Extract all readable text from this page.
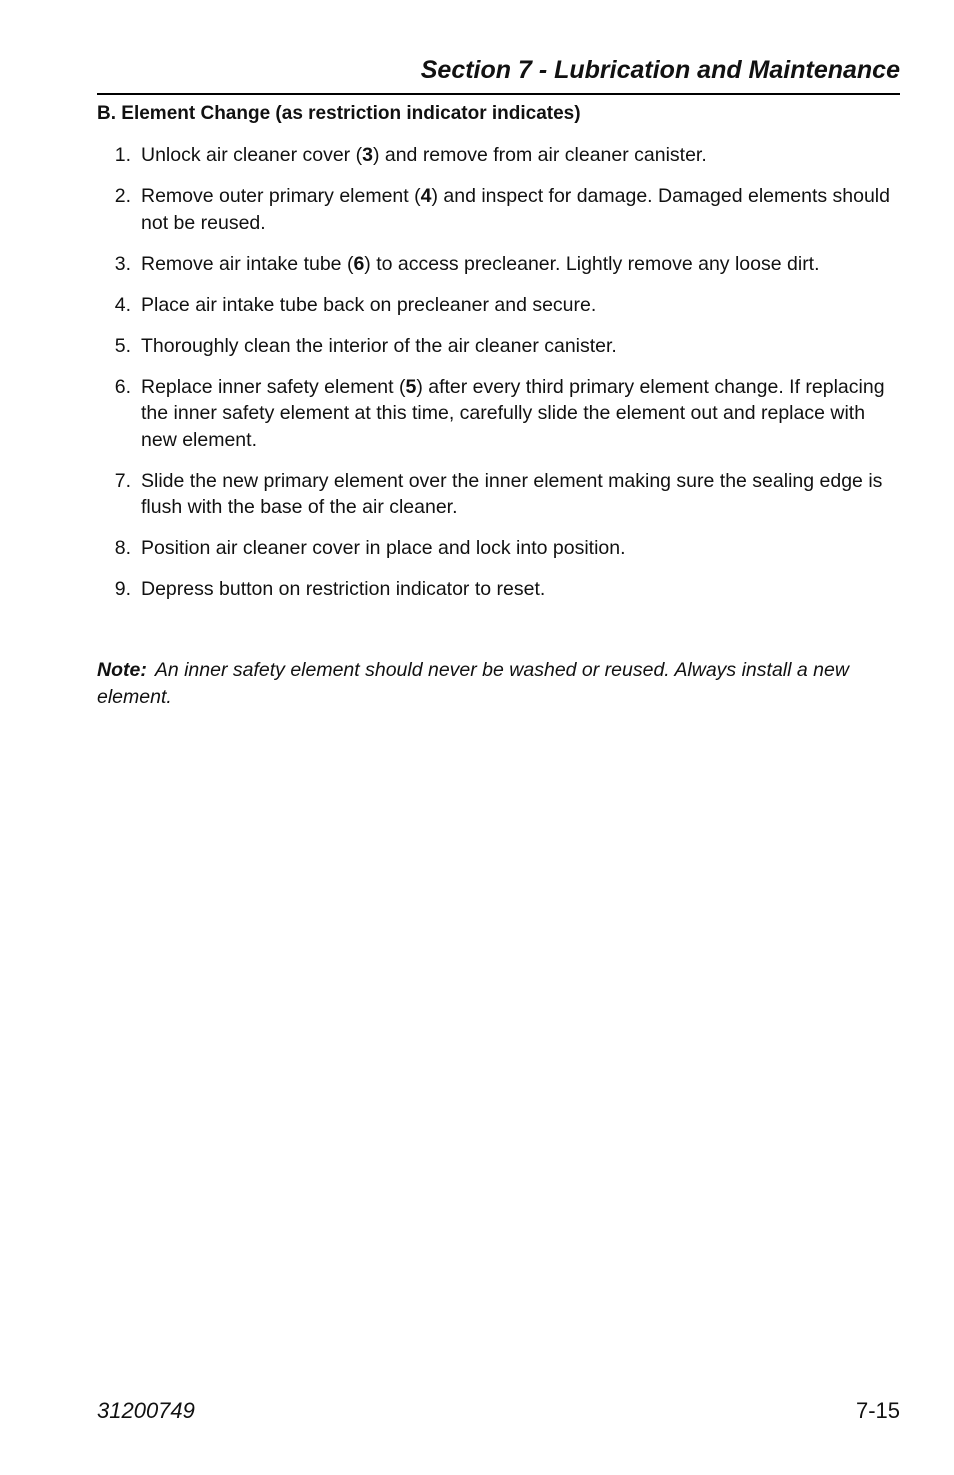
Section 7 - Lubrication and Maintenance
B. Element Change (as restriction indicator indicates)
1. Unlock air cleaner cover (3) and remove from air cleaner canister.
2. Remove outer primary element (4) and inspect for damage. Damaged elements should not be reused.
3. Remove air intake tube (6) to access precleaner. Lightly remove any loose dirt.
4. Place air intake tube back on precleaner and secure.
5. Thoroughly clean the interior of the air cleaner canister.
6. Replace inner safety element (5) after every third primary element change. If replacing the inner safety element at this time, carefully slide the element out and replace with new element.
7. Slide the new primary element over the inner element making sure the sealing edge is flush with the base of the air cleaner.
8. Position air cleaner cover in place and lock into position.
9. Depress button on restriction indicator to reset.
Note: An inner safety element should never be washed or reused. Always install a new element.
31200749	7-15
